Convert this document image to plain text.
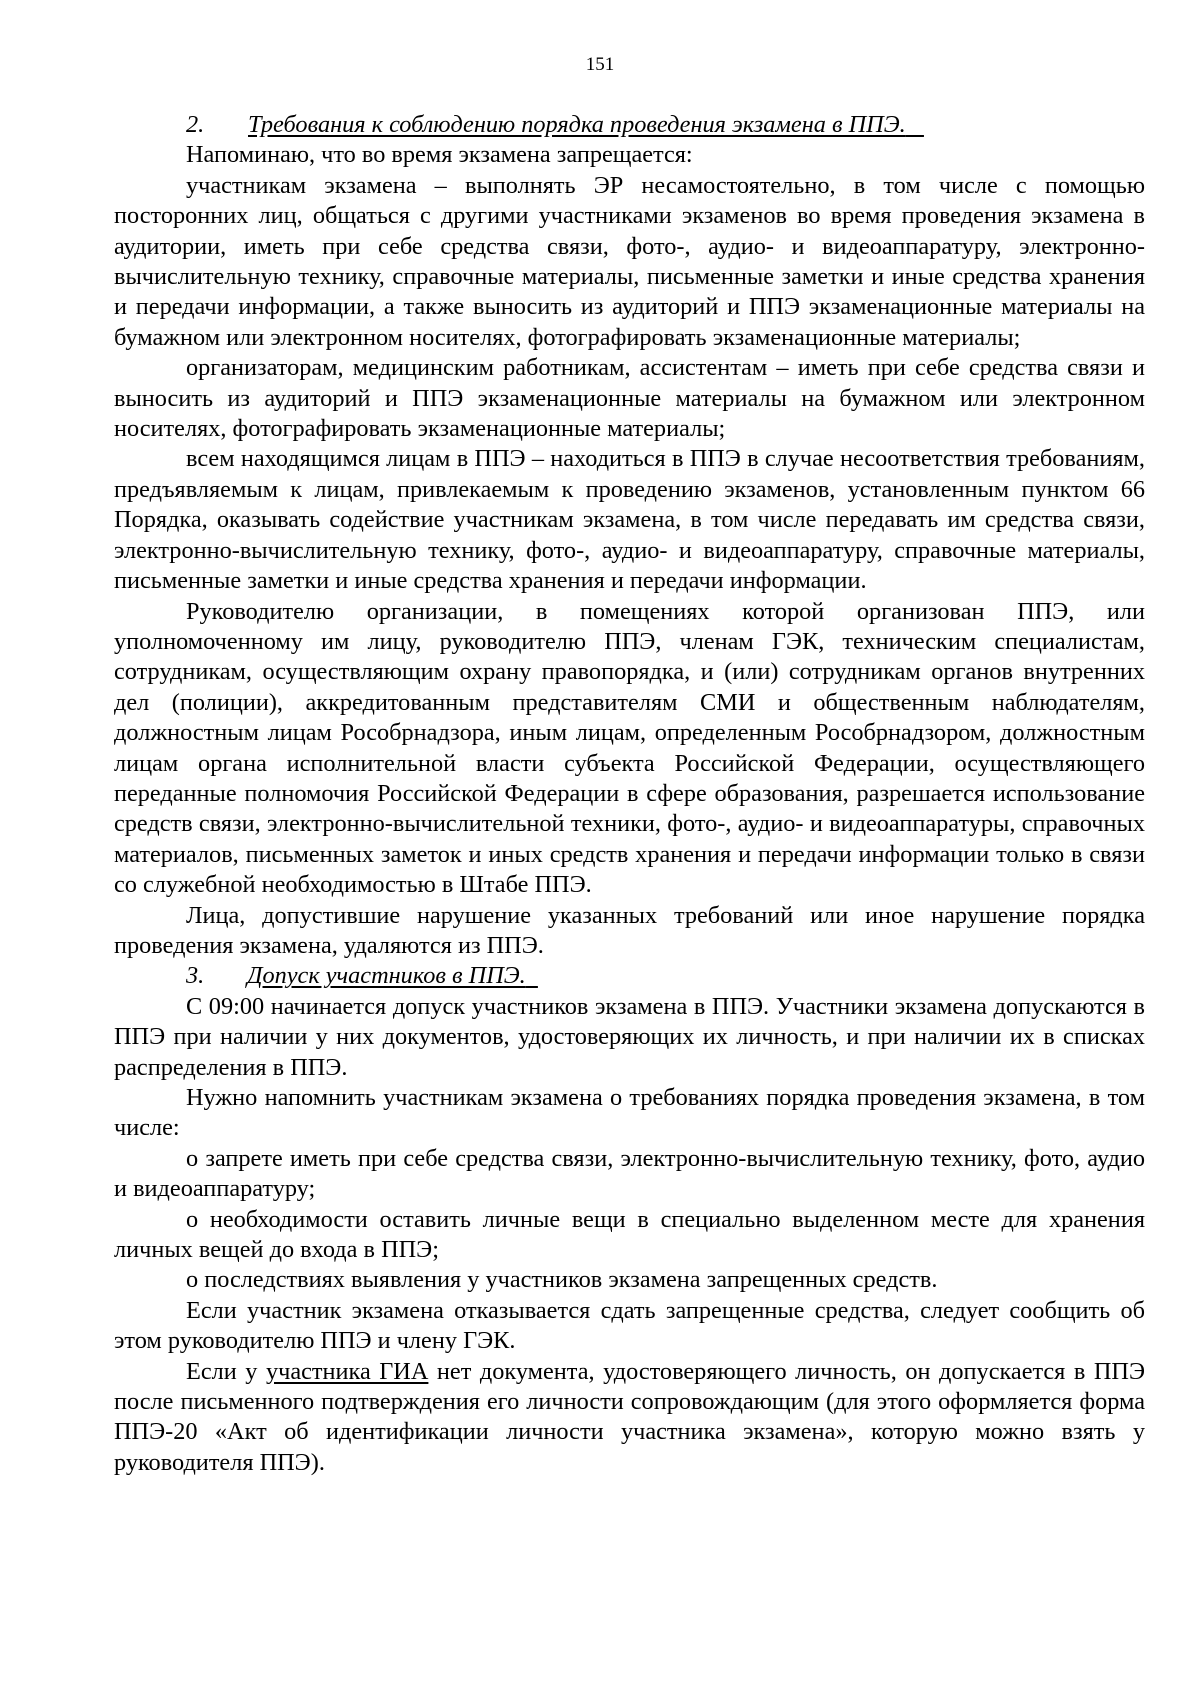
151

2. Требования к соблюдению порядка проведения экзамена в ППЭ.

Напоминаю, что во время экзамена запрещается:

участникам экзамена – выполнять ЭР несамостоятельно, в том числе с помощью посторонних лиц, общаться с другими участниками экзаменов во время проведения экзамена в аудитории, иметь при себе средства связи, фото-, аудио- и видеоаппаратуру, электронно-вычислительную технику, справочные материалы, письменные заметки и иные средства хранения и передачи информации, а также выносить из аудиторий и ППЭ экзаменационные материалы на бумажном или электронном носителях, фотографировать экзаменационные материалы;

организаторам, медицинским работникам, ассистентам – иметь при себе средства связи и выносить из аудиторий и ППЭ экзаменационные материалы на бумажном или электронном носителях, фотографировать экзаменационные материалы;

всем находящимся лицам в ППЭ – находиться в ППЭ в случае несоответствия требованиям, предъявляемым к лицам, привлекаемым к проведению экзаменов, установленным пунктом 66 Порядка, оказывать содействие участникам экзамена, в том числе передавать им средства связи, электронно-вычислительную технику, фото-, аудио- и видеоаппаратуру, справочные материалы, письменные заметки и иные средства хранения и передачи информации.

Руководителю организации, в помещениях которой организован ППЭ, или уполномоченному им лицу, руководителю ППЭ, членам ГЭК, техническим специалистам, сотрудникам, осуществляющим охрану правопорядка, и (или) сотрудникам органов внутренних дел (полиции), аккредитованным представителям СМИ и общественным наблюдателям, должностным лицам Рособрнадзора, иным лицам, определенным Рособрнадзором, должностным лицам органа исполнительной власти субъекта Российской Федерации, осуществляющего переданные полномочия Российской Федерации в сфере образования, разрешается использование средств связи, электронно-вычислительной техники, фото-, аудио- и видеоаппаратуры, справочных материалов, письменных заметок и иных средств хранения и передачи информации только в связи со служебной необходимостью в Штабе ППЭ.

Лица, допустившие нарушение указанных требований или иное нарушение порядка проведения экзамена, удаляются из ППЭ.

3. Допуск участников в ППЭ.

С 09:00 начинается допуск участников экзамена в ППЭ. Участники экзамена допускаются в ППЭ при наличии у них документов, удостоверяющих их личность, и при наличии их в списках распределения в ППЭ.

Нужно напомнить участникам экзамена о требованиях порядка проведения экзамена, в том числе:

о запрете иметь при себе средства связи, электронно-вычислительную технику, фото, аудио и видеоаппаратуру;

о необходимости оставить личные вещи в специально выделенном месте для хранения личных вещей до входа в ППЭ;

о последствиях выявления у участников экзамена запрещенных средств.

Если участник экзамена отказывается сдать запрещенные средства, следует сообщить об этом руководителю ППЭ и члену ГЭК.

Если у участника ГИА нет документа, удостоверяющего личность, он допускается в ППЭ после письменного подтверждения его личности сопровождающим (для этого оформляется форма ППЭ-20 «Акт об идентификации личности участника экзамена», которую можно взять у руководителя ППЭ).
